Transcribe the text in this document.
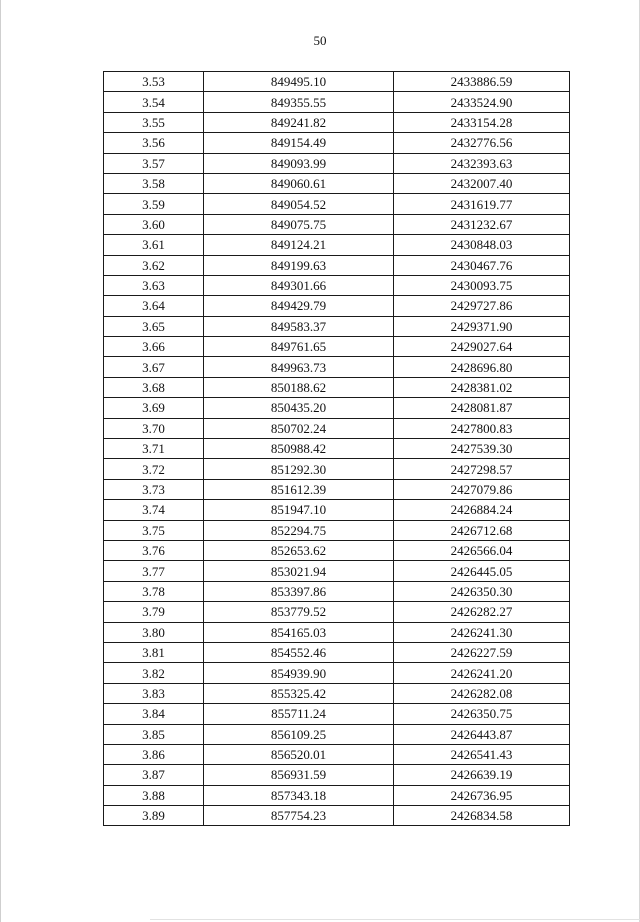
50
3.53	849495.10	2433886.59
3.54	849355.55	2433524.90
3.55	849241.82	2433154.28
3.56	849154.49	2432776.56
3.57	849093.99	2432393.63
3.58	849060.61	2432007.40
3.59	849054.52	2431619.77
3.60	849075.75	2431232.67
3.61	849124.21	2430848.03
3.62	849199.63	2430467.76
3.63	849301.66	2430093.75
3.64	849429.79	2429727.86
3.65	849583.37	2429371.90
3.66	849761.65	2429027.64
3.67	849963.73	2428696.80
3.68	850188.62	2428381.02
3.69	850435.20	2428081.87
3.70	850702.24	2427800.83
3.71	850988.42	2427539.30
3.72	851292.30	2427298.57
3.73	851612.39	2427079.86
3.74	851947.10	2426884.24
3.75	852294.75	2426712.68
3.76	852653.62	2426566.04
3.77	853021.94	2426445.05
3.78	853397.86	2426350.30
3.79	853779.52	2426282.27
3.80	854165.03	2426241.30
3.81	854552.46	2426227.59
3.82	854939.90	2426241.20
3.83	855325.42	2426282.08
3.84	855711.24	2426350.75
3.85	856109.25	2426443.87
3.86	856520.01	2426541.43
3.87	856931.59	2426639.19
3.88	857343.18	2426736.95
3.89	857754.23	2426834.58
